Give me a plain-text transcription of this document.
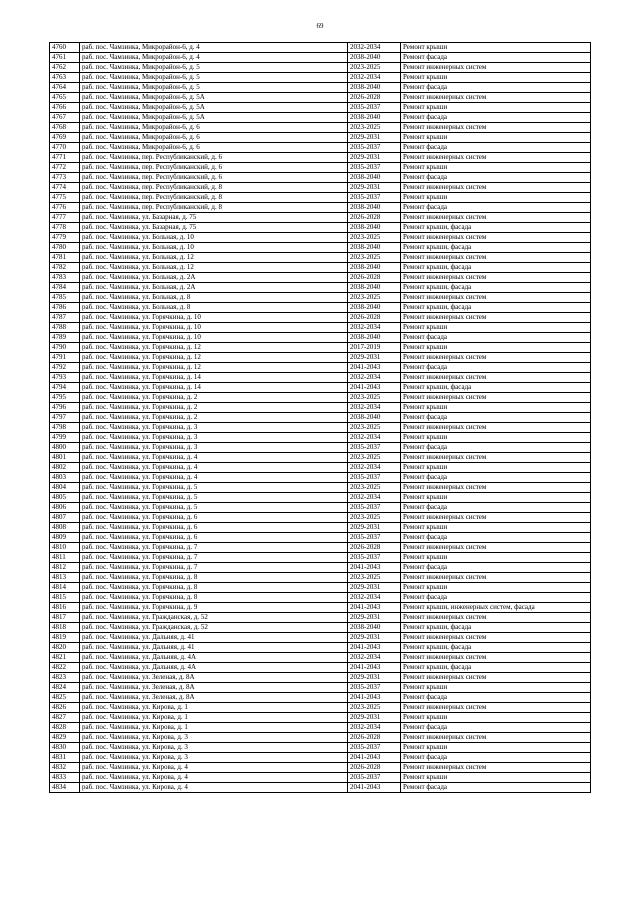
69
4760	раб. пос. Чамзинка, Микрорайон-6, д. 4	2032-2034	Ремонт крыши
4761	раб. пос. Чамзинка, Микрорайон-6, д. 4	2038-2040	Ремонт фасада
4762	раб. пос. Чамзинка, Микрорайон-6, д. 5	2023-2025	Ремонт инженерных систем
4763	раб. пос. Чамзинка, Микрорайон-6, д. 5	2032-2034	Ремонт крыши
4764	раб. пос. Чамзинка, Микрорайон-6, д. 5	2038-2040	Ремонт фасада
4765	раб. пос. Чамзинка, Микрорайон-6, д. 5А	2026-2028	Ремонт инженерных систем
4766	раб. пос. Чамзинка, Микрорайон-6, д. 5А	2035-2037	Ремонт крыши
4767	раб. пос. Чамзинка, Микрорайон-6, д. 5А	2038-2040	Ремонт фасада
4768	раб. пос. Чамзинка, Микрорайон-6, д. 6	2023-2025	Ремонт инженерных систем
4769	раб. пос. Чамзинка, Микрорайон-6, д. 6	2029-2031	Ремонт крыши
4770	раб. пос. Чамзинка, Микрорайон-6, д. 6	2035-2037	Ремонт фасада
4771	раб. пос. Чамзинка, пер. Республиканский, д. 6	2029-2031	Ремонт инженерных систем
4772	раб. пос. Чамзинка, пер. Республиканский, д. 6	2035-2037	Ремонт крыши
4773	раб. пос. Чамзинка, пер. Республиканский, д. 6	2038-2040	Ремонт фасада
4774	раб. пос. Чамзинка, пер. Республиканский, д. 8	2029-2031	Ремонт инженерных систем
4775	раб. пос. Чамзинка, пер. Республиканский, д. 8	2035-2037	Ремонт крыши
4776	раб. пос. Чамзинка, пер. Республиканский, д. 8	2038-2040	Ремонт фасада
4777	раб. пос. Чамзинка, ул. Базарная, д. 75	2026-2028	Ремонт инженерных систем
4778	раб. пос. Чамзинка, ул. Базарная, д. 75	2038-2040	Ремонт крыши, фасада
4779	раб. пос. Чамзинка, ул. Больная, д. 10	2023-2025	Ремонт инженерных систем
4780	раб. пос. Чамзинка, ул. Больная, д. 10	2038-2040	Ремонт крыши, фасада
4781	раб. пос. Чамзинка, ул. Больная, д. 12	2023-2025	Ремонт инженерных систем
4782	раб. пос. Чамзинка, ул. Больная, д. 12	2038-2040	Ремонт крыши, фасада
4783	раб. пос. Чамзинка, ул. Больная, д. 2А	2026-2028	Ремонт инженерных систем
4784	раб. пос. Чамзинка, ул. Больная, д. 2А	2038-2040	Ремонт крыши, фасада
4785	раб. пос. Чамзинка, ул. Больная, д. 8	2023-2025	Ремонт инженерных систем
4786	раб. пос. Чамзинка, ул. Больная, д. 8	2038-2040	Ремонт крыши, фасада
4787	раб. пос. Чамзинка, ул. Горячкина, д. 10	2026-2028	Ремонт инженерных систем
4788	раб. пос. Чамзинка, ул. Горячкина, д. 10	2032-2034	Ремонт крыши
4789	раб. пос. Чамзинка, ул. Горячкина, д. 10	2038-2040	Ремонт фасада
4790	раб. пос. Чамзинка, ул. Горячкина, д. 12	2017-2019	Ремонт крыши
4791	раб. пос. Чамзинка, ул. Горячкина, д. 12	2029-2031	Ремонт инженерных систем
4792	раб. пос. Чамзинка, ул. Горячкина, д. 12	2041-2043	Ремонт фасада
4793	раб. пос. Чамзинка, ул. Горячкина, д. 14	2032-2034	Ремонт инженерных систем
4794	раб. пос. Чамзинка, ул. Горячкина, д. 14	2041-2043	Ремонт крыши, фасада
4795	раб. пос. Чамзинка, ул. Горячкина, д. 2	2023-2025	Ремонт инженерных систем
4796	раб. пос. Чамзинка, ул. Горячкина, д. 2	2032-2034	Ремонт крыши
4797	раб. пос. Чамзинка, ул. Горячкина, д. 2	2038-2040	Ремонт фасада
4798	раб. пос. Чамзинка, ул. Горячкина, д. 3	2023-2025	Ремонт инженерных систем
4799	раб. пос. Чамзинка, ул. Горячкина, д. 3	2032-2034	Ремонт крыши
4800	раб. пос. Чамзинка, ул. Горячкина, д. 3	2035-2037	Ремонт фасада
4801	раб. пос. Чамзинка, ул. Горячкина, д. 4	2023-2025	Ремонт инженерных систем
4802	раб. пос. Чамзинка, ул. Горячкина, д. 4	2032-2034	Ремонт крыши
4803	раб. пос. Чамзинка, ул. Горячкина, д. 4	2035-2037	Ремонт фасада
4804	раб. пос. Чамзинка, ул. Горячкина, д. 5	2023-2025	Ремонт инженерных систем
4805	раб. пос. Чамзинка, ул. Горячкина, д. 5	2032-2034	Ремонт крыши
4806	раб. пос. Чамзинка, ул. Горячкина, д. 5	2035-2037	Ремонт фасада
4807	раб. пос. Чамзинка, ул. Горячкина, д. 6	2023-2025	Ремонт инженерных систем
4808	раб. пос. Чамзинка, ул. Горячкина, д. 6	2029-2031	Ремонт крыши
4809	раб. пос. Чамзинка, ул. Горячкина, д. 6	2035-2037	Ремонт фасада
4810	раб. пос. Чамзинка, ул. Горячкина, д. 7	2026-2028	Ремонт инженерных систем
4811	раб. пос. Чамзинка, ул. Горячкина, д. 7	2035-2037	Ремонт крыши
4812	раб. пос. Чамзинка, ул. Горячкина, д. 7	2041-2043	Ремонт фасада
4813	раб. пос. Чамзинка, ул. Горячкина, д. 8	2023-2025	Ремонт инженерных систем
4814	раб. пос. Чамзинка, ул. Горячкина, д. 8	2029-2031	Ремонт крыши
4815	раб. пос. Чамзинка, ул. Горячкина, д. 8	2032-2034	Ремонт фасада
4816	раб. пос. Чамзинка, ул. Горячкина, д. 9	2041-2043	Ремонт крыши, инженерных систем, фасада
4817	раб. пос. Чамзинка, ул. Гражданская, д. 52	2029-2031	Ремонт инженерных систем
4818	раб. пос. Чамзинка, ул. Гражданская, д. 52	2038-2040	Ремонт крыши, фасада
4819	раб. пос. Чамзинка, ул. Дальняя, д. 41	2029-2031	Ремонт инженерных систем
4820	раб. пос. Чамзинка, ул. Дальняя, д. 41	2041-2043	Ремонт крыши, фасада
4821	раб. пос. Чамзинка, ул. Дальняя, д. 4А	2032-2034	Ремонт инженерных систем
4822	раб. пос. Чамзинка, ул. Дальняя, д. 4А	2041-2043	Ремонт крыши, фасада
4823	раб. пос. Чамзинка, ул. Зеленая, д. 8А	2029-2031	Ремонт инженерных систем
4824	раб. пос. Чамзинка, ул. Зеленая, д. 8А	2035-2037	Ремонт крыши
4825	раб. пос. Чамзинка, ул. Зеленая, д. 8А	2041-2043	Ремонт фасада
4826	раб. пос. Чамзинка, ул. Кирова, д. 1	2023-2025	Ремонт инженерных систем
4827	раб. пос. Чамзинка, ул. Кирова, д. 1	2029-2031	Ремонт крыши
4828	раб. пос. Чамзинка, ул. Кирова, д. 1	2032-2034	Ремонт фасада
4829	раб. пос. Чамзинка, ул. Кирова, д. 3	2026-2028	Ремонт инженерных систем
4830	раб. пос. Чамзинка, ул. Кирова, д. 3	2035-2037	Ремонт крыши
4831	раб. пос. Чамзинка, ул. Кирова, д. 3	2041-2043	Ремонт фасада
4832	раб. пос. Чамзинка, ул. Кирова, д. 4	2026-2028	Ремонт инженерных систем
4833	раб. пос. Чамзинка, ул. Кирова, д. 4	2035-2037	Ремонт крыши
4834	раб. пос. Чамзинка, ул. Кирова, д. 4	2041-2043	Ремонт фасада
